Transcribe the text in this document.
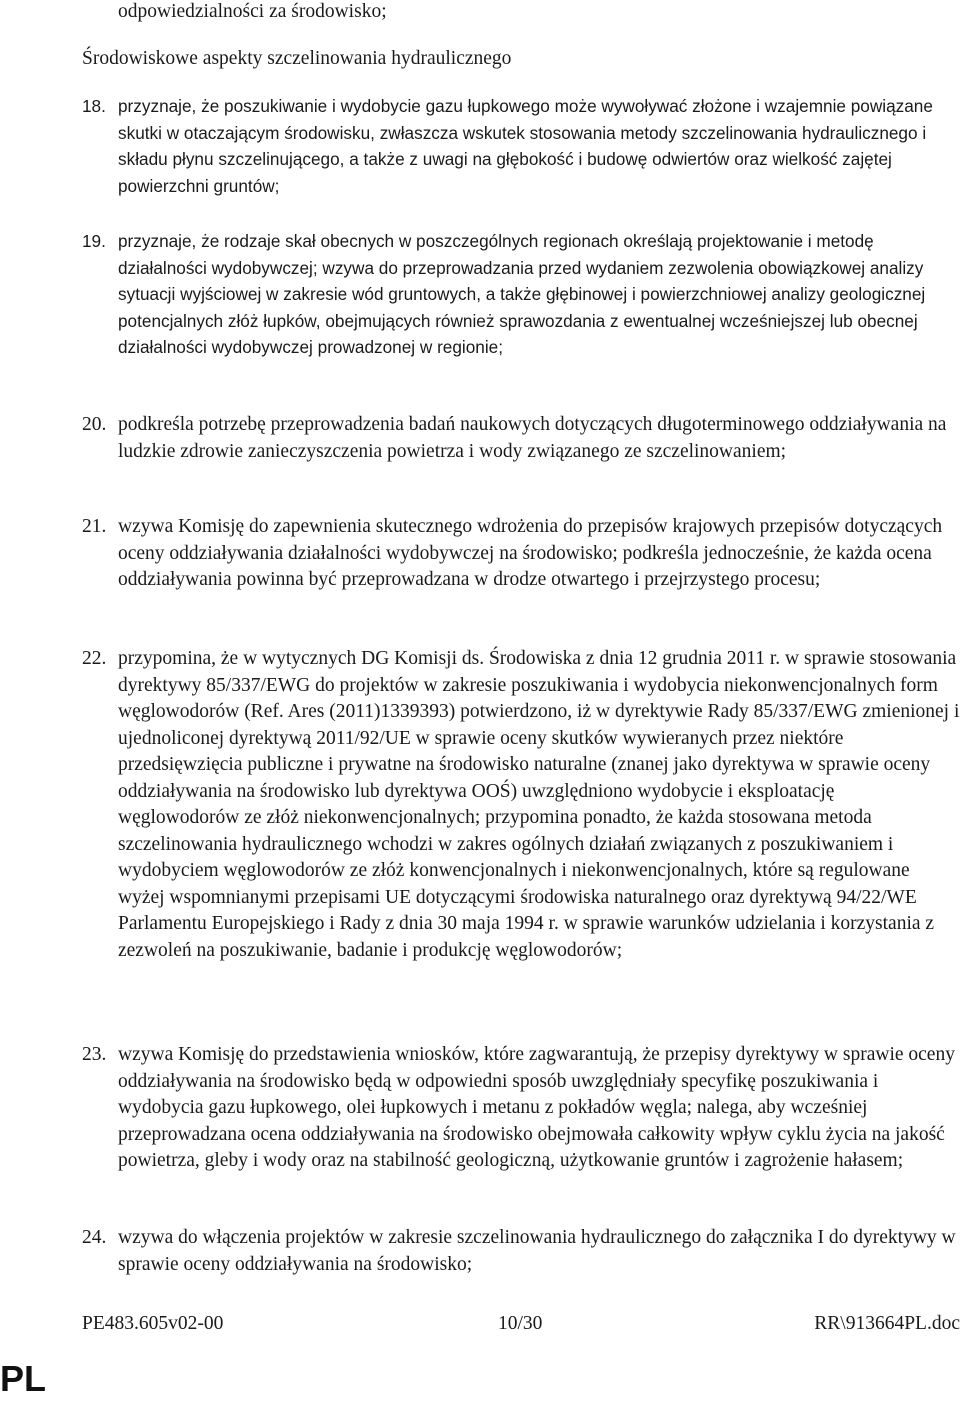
odpowiedzialności za środowisko;

Środowiskowe aspekty szczelinowania hydraulicznego

18. przyznaje, że poszukiwanie i wydobycie gazu łupkowego może wywoływać złożone i wzajemnie powiązane skutki w otaczającym środowisku, zwłaszcza wskutek stosowania metody szczelinowania hydraulicznego i składu płynu szczelinującego, a także z uwagi na głębokość i budowę odwiertów oraz wielkość zajętej powierzchni gruntów;
19. przyznaje, że rodzaje skał obecnych w poszczególnych regionach określają projektowanie i metodę działalności wydobywczej; wzywa do przeprowadzania przed wydaniem zezwolenia obowiązkowej analizy sytuacji wyjściowej w zakresie wód gruntowych, a także głębinowej i powierzchniowej analizy geologicznej potencjalnych złóż łupków, obejmujących również sprawozdania z ewentualnej wcześniejszej lub obecnej działalności wydobywczej prowadzonej w regionie;
20. podkreśla potrzebę przeprowadzenia badań naukowych dotyczących długoterminowego oddziaływania na ludzkie zdrowie zanieczyszczenia powietrza i wody związanego ze szczelinowaniem;
21. wzywa Komisję do zapewnienia skutecznego wdrożenia do przepisów krajowych przepisów dotyczących oceny oddziaływania działalności wydobywczej na środowisko; podkreśla jednocześnie, że każda ocena oddziaływania powinna być przeprowadzana w drodze otwartego i przejrzystego procesu;
22. przypomina, że w wytycznych DG Komisji ds. Środowiska z dnia 12 grudnia 2011 r. w sprawie stosowania dyrektywy 85/337/EWG do projektów w zakresie poszukiwania i wydobycia niekonwencjonalnych form węglowodorów (Ref. Ares (2011)1339393) potwierdzono, iż w dyrektywie Rady 85/337/EWG zmienionej i ujednoliconej dyrektywą 2011/92/UE w sprawie oceny skutków wywieranych przez niektóre przedsięwzięcia publiczne i prywatne na środowisko naturalne (znanej jako dyrektywa w sprawie oceny oddziaływania na środowisko lub dyrektywa OOŚ) uwzględniono wydobycie i eksploatację węglowodorów ze złóż niekonwencjonalnych; przypomina ponadto, że każda stosowana metoda szczelinowania hydraulicznego wchodzi w zakres ogólnych działań związanych z poszukiwaniem i wydobyciem węglowodorów ze złóż konwencjonalnych i niekonwencjonalnych, które są regulowane wyżej wspomnianymi przepisami UE dotyczącymi środowiska naturalnego oraz dyrektywą 94/22/WE Parlamentu Europejskiego i Rady z dnia 30 maja 1994 r. w sprawie warunków udzielania i korzystania z zezwoleń na poszukiwanie, badanie i produkcję węglowodorów;
23. wzywa Komisję do przedstawienia wniosków, które zagwarantują, że przepisy dyrektywy w sprawie oceny oddziaływania na środowisko będą w odpowiedni sposób uwzględniały specyfikę poszukiwania i wydobycia gazu łupkowego, olei łupkowych i metanu z pokładów węgla; nalega, aby wcześniej przeprowadzana ocena oddziaływania na środowisko obejmowała całkowity wpływ cyklu życia na jakość powietrza, gleby i wody oraz na stabilność geologiczną, użytkowanie gruntów i zagrożenie hałasem;
24. wzywa do włączenia projektów w zakresie szczelinowania hydraulicznego do załącznika I do dyrektywy w sprawie oceny oddziaływania na środowisko;
PE483.605v02-00	10/30	RR\913664PL.doc
PL
